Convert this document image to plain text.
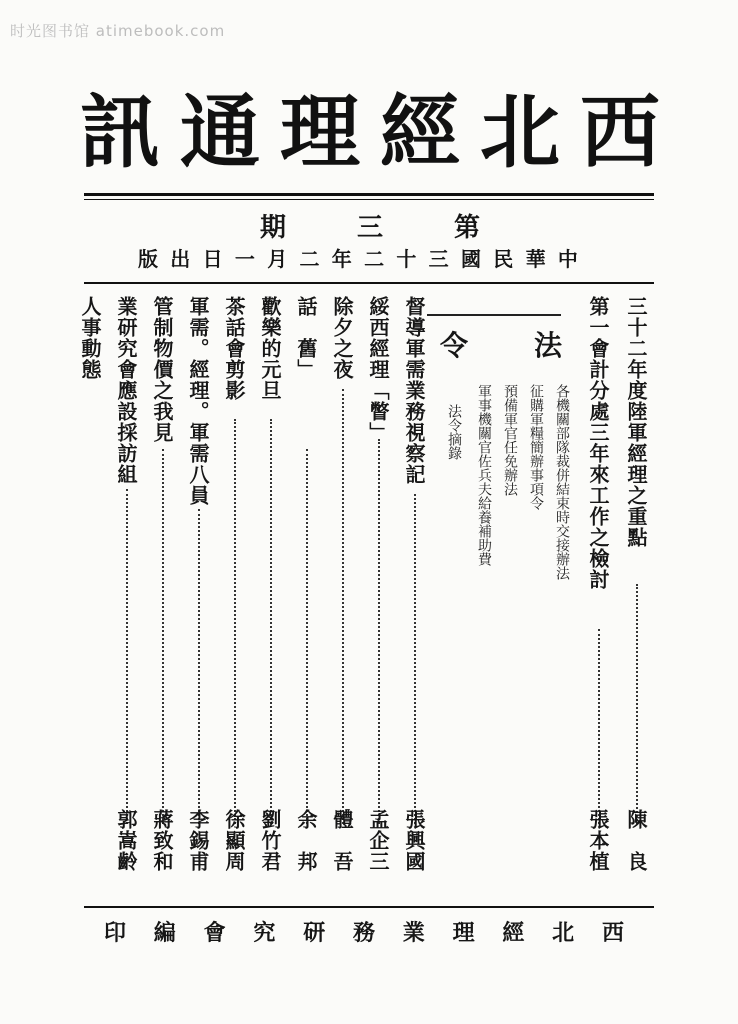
时光图书馆 atimebook.com
西
北
經
理
通
訊
第
三
期
中
華
民
國
三
十
二
年
二
月
一
日
出
版
三十二年度陸軍經理之重點
陳　良
第一會計分處三年來工作之檢討
張本植
法
令
各機關部隊裁併結束時交接辦法
征購軍糧簡辦事項令
預備軍官任免辦法
軍事機關官佐兵夫給養補助費
法令摘錄
督導軍需業務視察記
張興國
綏西經理「瞥」
孟企三
除夕之夜
體　吾
話　舊」
余　邦
歡樂的元旦
劉竹君
茶話會剪影
徐顯周
軍需。經理。軍需八員
李錫甫
管制物價之我見
蔣致和
業研究會應設採訪組
郭嵩齡
人事動態
西
北
經
理
業
務
研
究
會
編
印
